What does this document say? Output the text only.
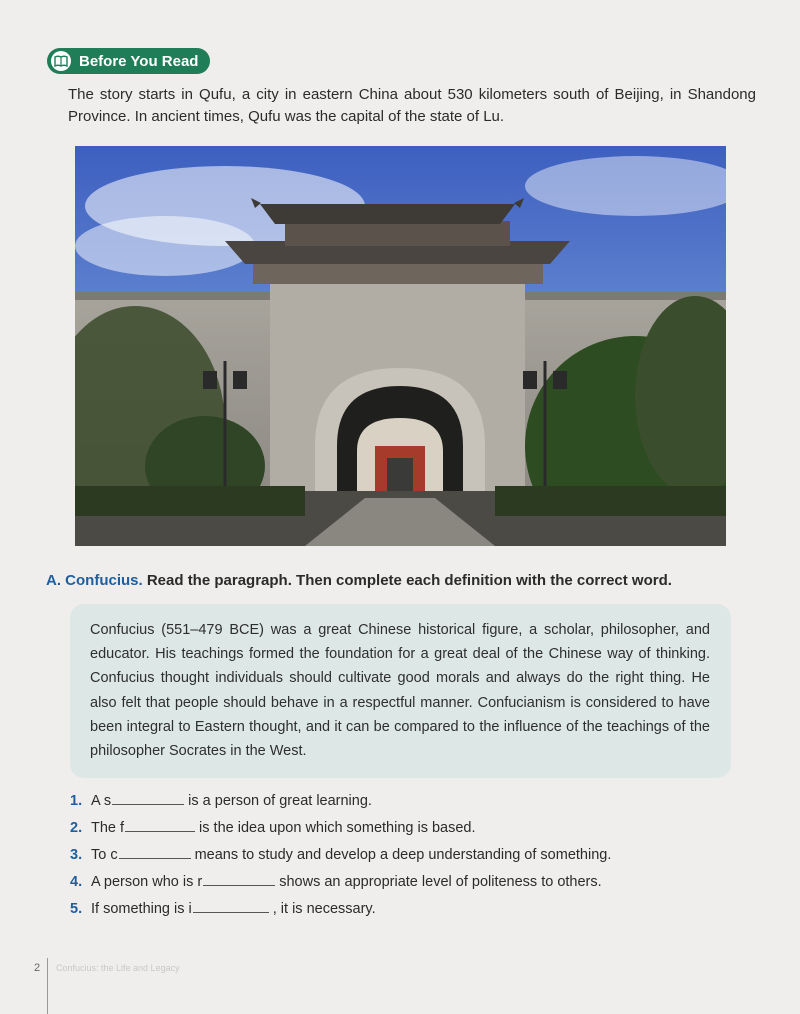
Before You Read
The story starts in Qufu, a city in eastern China about 530 kilometers south of Beijing, in Shandong Province. In ancient times, Qufu was the capital of the state of Lu.
A. Confucius. Read the paragraph. Then complete each definition with the correct word.
Confucius (551–479 BCE) was a great Chinese historical figure, a scholar, philosopher, and educator. His teachings formed the foundation for a great deal of the Chinese way of thinking. Confucius thought individuals should cultivate good morals and always do the right thing. He also felt that people should behave in a respectful manner. Confucianism is considered to have been integral to Eastern thought, and it can be compared to the influence of the teachings of the philosopher Socrates in the West.
1. A s	is a person of great learning.
2. The f	is the idea upon which something is based.
3. To c	means to study and develop a deep understanding of something.
4. A person who is r	shows an appropriate level of politeness to others.
5. If something is i	, it is necessary.
2 Confucius: the Life and Legacy
